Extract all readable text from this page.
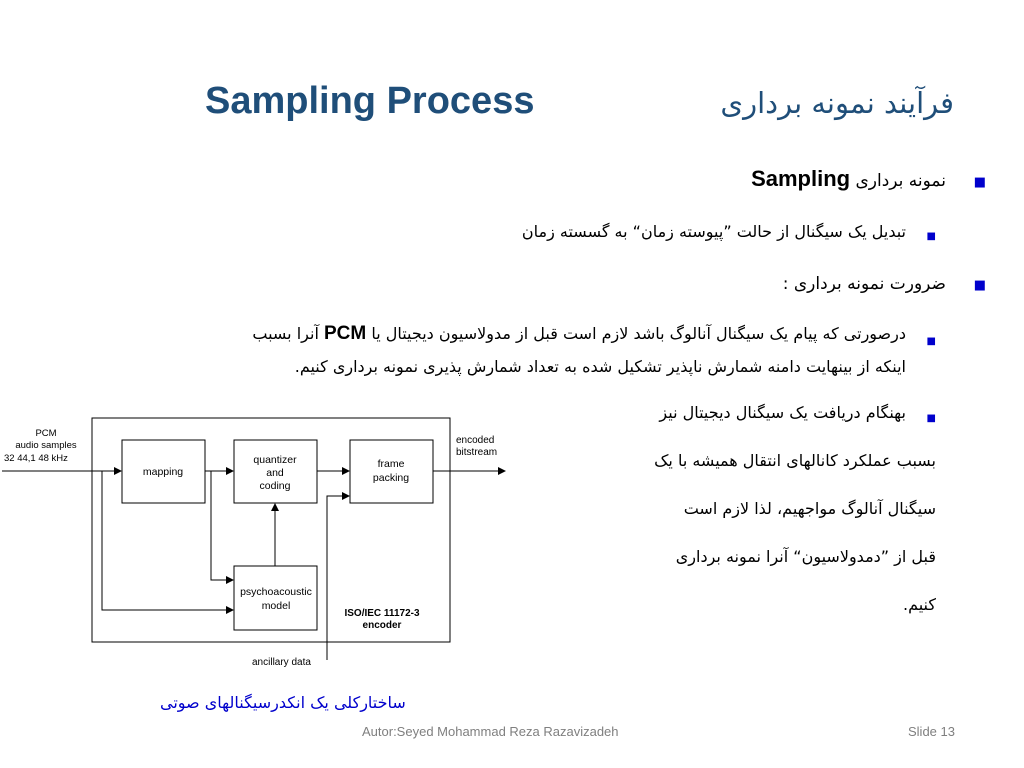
Sampling Process	فرآیند نمونه برداری
■
نمونه برداری Sampling
■
تبدیل یک سیگنال از حالت ”پیوسته زمان“ به گسسته زمان
■
ضرورت نمونه برداری :
■
درصورتی که پیام یک سیگنال آنالوگ باشد لازم است قبل از مدولاسیون دیجیتال یا PCM آنرا بسبب
اینکه از بینهایت دامنه شمارش ناپذیر تشکیل شده به تعداد شمارش پذیری نمونه برداری کنیم.
■
بهنگام دریافت یک سیگنال دیجیتال نیز
بسبب عملکرد کانالهای انتقال همیشه با یک
سیگنال آنالوگ مواجهیم، لذا لازم است
قبل از ”دمدولاسیون“ آنرا نمونه برداری
کنیم.
PCM
audio samples
32 44,1 48 kHz
mapping
quantizer
and
coding
frame
packing
psychoacoustic
model
encoded
bitstream
ISO/IEC 11172-3
encoder
ancillary data
ساختارکلی یک انکدرسیگنالهای صوتی
Autor:Seyed Mohammad Reza Razavizadeh	Slide 13
